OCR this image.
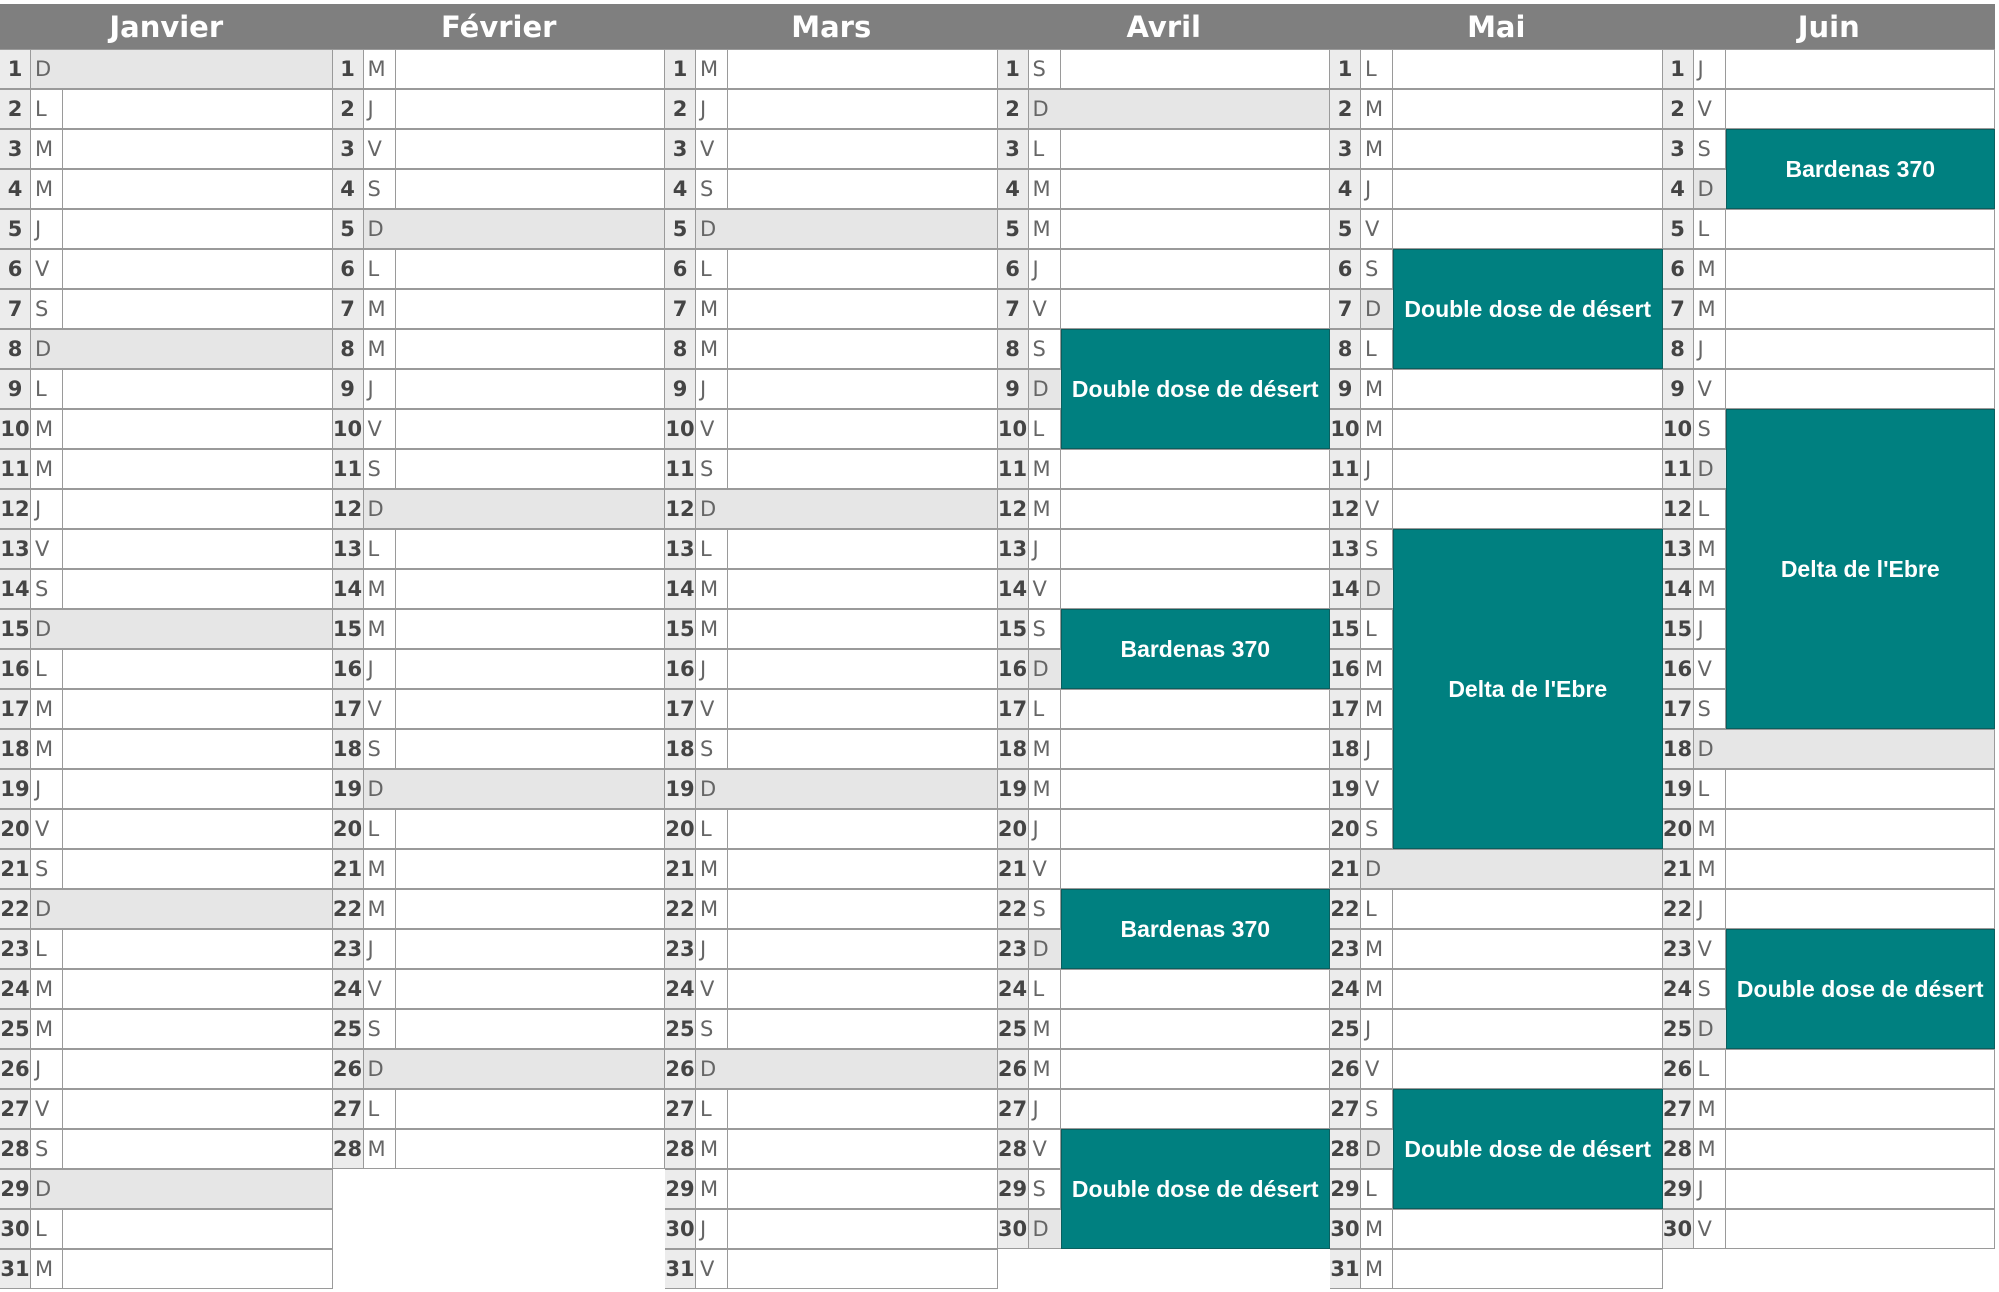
Janvier
1 D
2 L
3 M
4 M
5 J
6 V
7 S
8 D
9 L
10 M
11 M
12 J
13 V
14 S
15 D
16 L
17 M
18 M
19 J
20 V
21 S
22 D
23 L
24 M
25 M
26 J
27 V
28 S
29 D
30 L
31 M
Février
1 M
2 J
3 V
4 S
5 D
6 L
7 M
8 M
9 J
10 V
11 S
12 D
13 L
14 M
15 M
16 J
17 V
18 S
19 D
20 L
21 M
22 M
23 J
24 V
25 S
26 D
27 L
28 M
Mars
1 M
2 J
3 V
4 S
5 D
6 L
7 M
8 M
9 J
10 V
11 S
12 D
13 L
14 M
15 M
16 J
17 V
18 S
19 D
20 L
21 M
22 M
23 J
24 V
25 S
26 D
27 L
28 M
29 M
30 J
31 V
Avril
1 S
2 D
3 L
4 M
5 M
6 J
7 V
8 S
9 D
10 L
11 M
12 M
13 J
14 V
15 S
16 D
17 L
18 M
19 M
20 J
21 V
22 S
23 D
24 L
25 M
26 M
27 J
28 V
29 S
30 D
Mai
1 L
2 M
3 M
4 J
5 V
6 S
7 D
8 L
9 M
10 M
11 J
12 V
13 S
14 D
15 L
16 M
17 M
18 J
19 V
20 S
21 D
22 L
23 M
24 M
25 J
26 V
27 S
28 D
29 L
30 M
31 M
Juin
1 J
2 V
3 S
4 D
5 L
6 M
7 M
8 J
9 V
10 S
11 D
12 L
13 M
14 M
15 J
16 V
17 S
18 D
19 L
20 M
21 M
22 J
23 V
24 S
25 D
26 L
27 M
28 M
29 J
30 V
Double dose de désert
Bardenas 370
Bardenas 370
Double dose de désert
Double dose de désert
Delta de l'Ebre
Double dose de désert
Bardenas 370
Delta de l'Ebre
Double dose de désert
